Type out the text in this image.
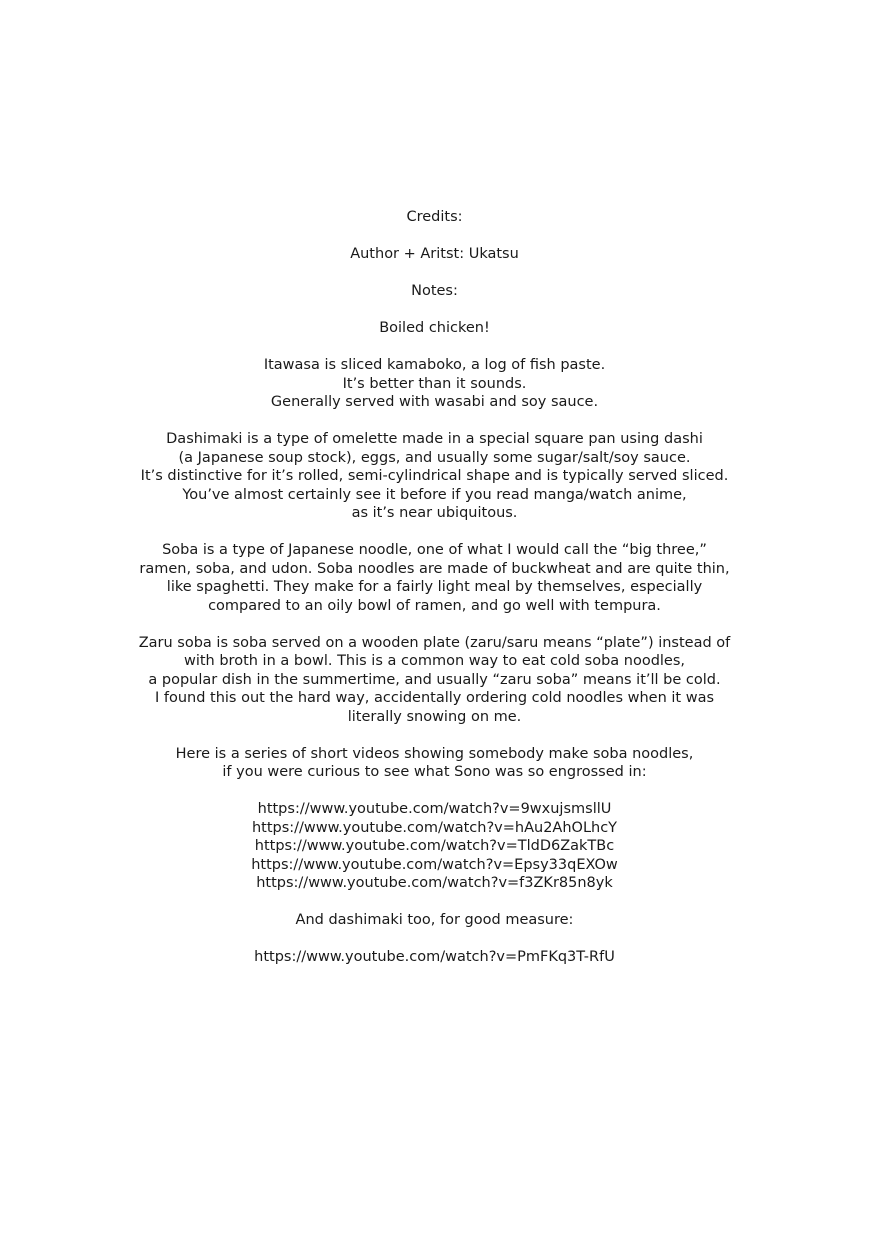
Credits:
Author + Aritst: Ukatsu
Notes:
Boiled chicken!
Itawasa is sliced kamaboko, a log of fish paste.
It’s better than it sounds.
Generally served with wasabi and soy sauce.
Dashimaki is a type of omelette made in a special square pan using dashi
(a Japanese soup stock), eggs, and usually some sugar/salt/soy sauce.
It’s distinctive for it’s rolled, semi-cylindrical shape and is typically served sliced.
You’ve almost certainly see it before if you read manga/watch anime,
as it’s near ubiquitous.
Soba is a type of Japanese noodle, one of what I would call the “big three,”
ramen, soba, and udon. Soba noodles are made of buckwheat and are quite thin,
like spaghetti. They make for a fairly light meal by themselves, especially
compared to an oily bowl of ramen, and go well with tempura.
Zaru soba is soba served on a wooden plate (zaru/saru means “plate”) instead of
with broth in a bowl. This is a common way to eat cold soba noodles,
a popular dish in the summertime, and usually “zaru soba” means it’ll be cold.
I found this out the hard way, accidentally ordering cold noodles when it was
literally snowing on me.
Here is a series of short videos showing somebody make soba noodles,
if you were curious to see what Sono was so engrossed in:
https://www.youtube.com/watch?v=9wxujsmsllU
https://www.youtube.com/watch?v=hAu2AhOLhcY
https://www.youtube.com/watch?v=TldD6ZakTBc
https://www.youtube.com/watch?v=Epsy33qEXOw
https://www.youtube.com/watch?v=f3ZKr85n8yk
And dashimaki too, for good measure:
https://www.youtube.com/watch?v=PmFKq3T-RfU
